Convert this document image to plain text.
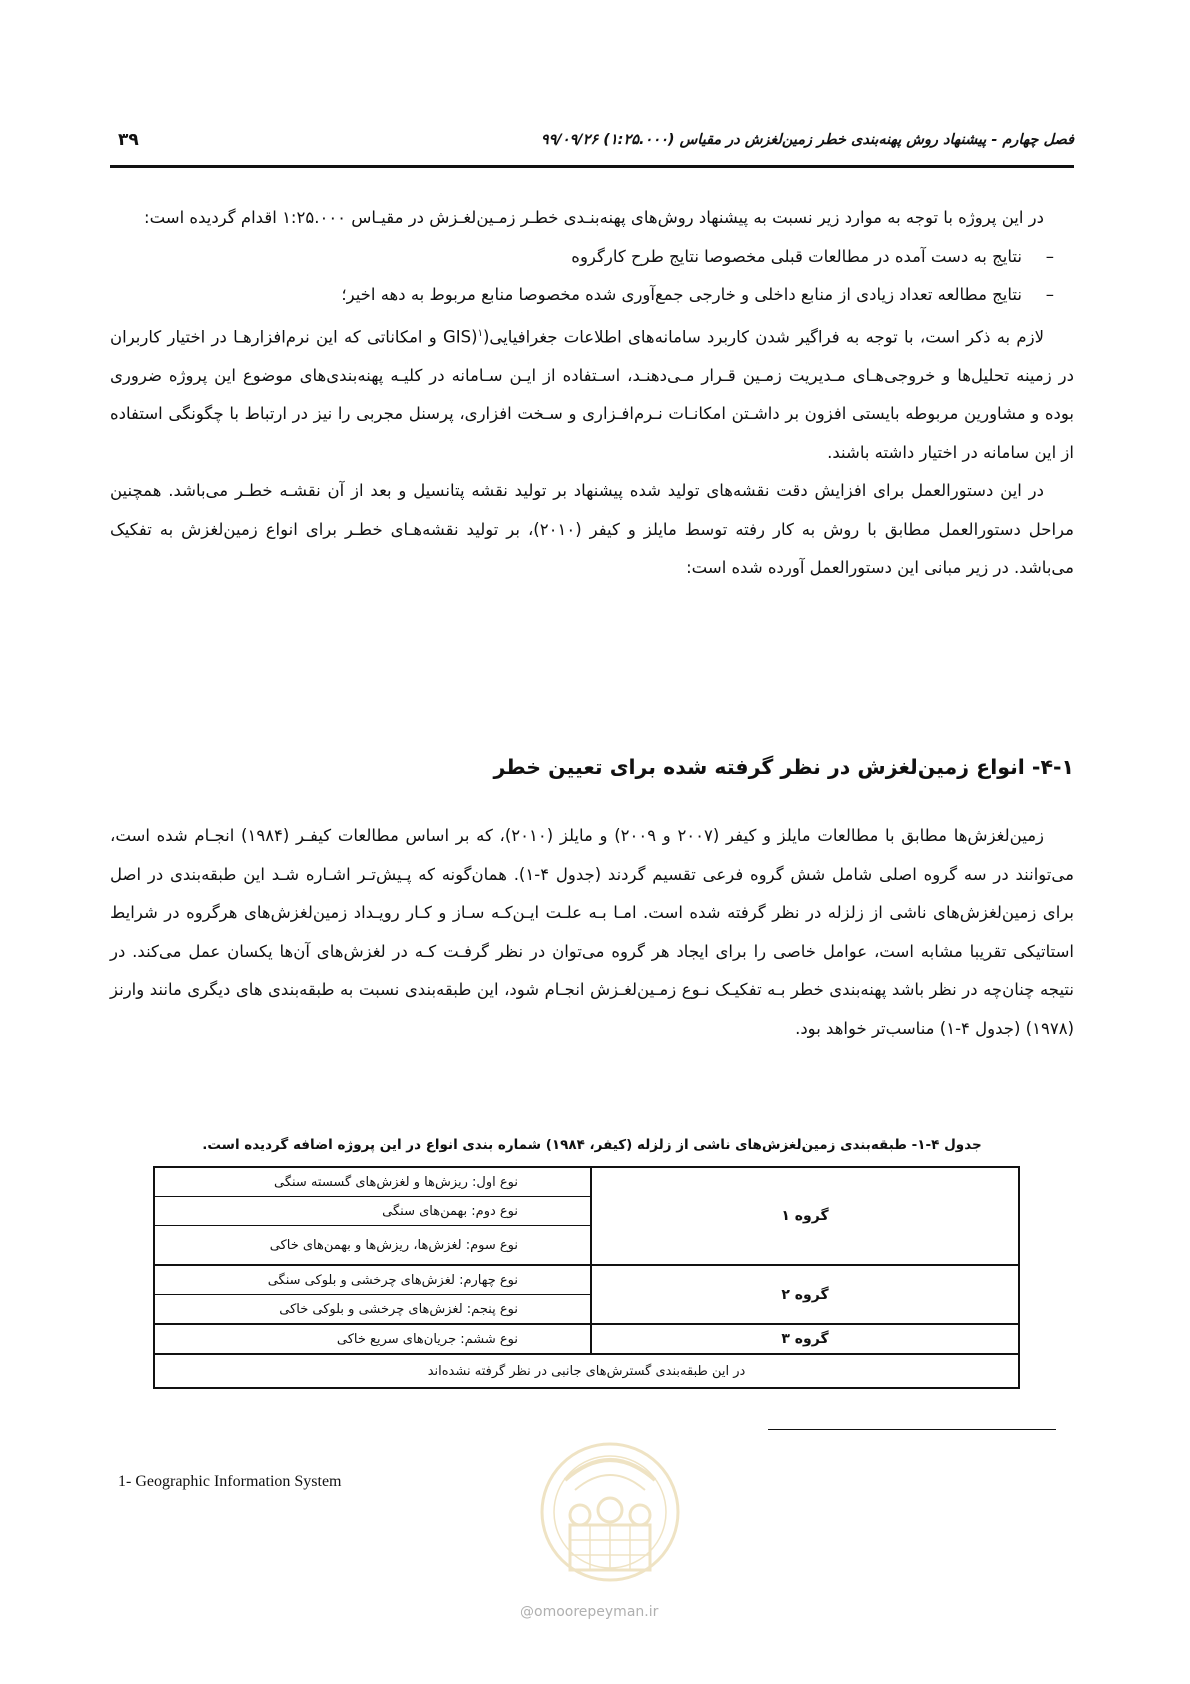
فصل چهارم - پیشنهاد روش پهنه‌بندی خطر زمین‌لغزش در مقیاس (۱:۲۵.۰۰۰) ۹۹/۰۹/۲۶
۳۹

در این پروژه با توجه به موارد زیر نسبت به پیشنهاد روش‌های پهنه‌بنـدی خطـر زمـین‌لغـزش در مقیـاس ۱:۲۵.۰۰۰ اقدام گردیده است:

–
نتایج به دست آمده در مطالعات قبلی مخصوصا نتایج طرح کارگروه
–
نتایج مطالعه تعداد زیادی از منابع داخلی و خارجی جمع‌آوری شده مخصوصا منابع مربوط به دهه اخیر؛

لازم به ذکر است، با توجه به فراگیر شدن کاربرد سامانه‌های اطلاعات جغرافیایی(GIS)$^۱$ و امکاناتی که این نرم‌افزارهـا در اختیار کاربران در زمینه تحلیل‌ها و خروجی‌هـای مـدیریت زمـین قـرار مـی‌دهنـد، اسـتفاده از ایـن سـامانه در کلیـه پهنه‌بندی‌های موضوع این پروژه ضروری بوده و مشاورین مربوطه بایستی افزون بر داشـتن امکانـات نـرم‌افـزاری و سـخت افزاری، پرسنل مجربی را نیز در ارتباط با چگونگی استفاده از این سامانه در اختیار داشته باشند.

در این دستورالعمل برای افزایش دقت نقشه‌های تولید شده پیشنهاد بر تولید نقشه پتانسیل و بعد از آن نقشـه خطـر می‌باشد. همچنین مراحل دستورالعمل مطابق با روش به کار رفته توسط مایلز و کیفر (۲۰۱۰)، بر تولید نقشه‌هـای خطـر برای انواع زمین‌لغزش به تفکیک می‌باشد. در زیر مبانی این دستورالعمل آورده شده است:

۴-۱- انواع زمین‌لغزش در نظر گرفته شده برای تعیین خطر

زمین‌لغزش‌ها مطابق با مطالعات مایلز و کیفر (۲۰۰۷ و ۲۰۰۹) و مایلز (۲۰۱۰)، که بر اساس مطالعات کیفـر (۱۹۸۴) انجـام شده است، می‌توانند در سه گروه اصلی شامل شش گروه فرعی تقسیم گردند (جدول ۴-۱). همان‌گونه که پـیش‌تـر اشـاره شـد این طبقه‌بندی در اصل برای زمین‌لغزش‌های ناشی از زلزله در نظر گرفته شده است. امـا بـه علـت ایـن‌کـه سـاز و کـار رویـداد زمین‌لغزش‌های هرگروه در شرایط استاتیکی تقریبا مشابه است، عوامل خاصی را برای ایجاد هر گروه می‌توان در نظر گرفـت کـه در لغزش‌های آن‌ها یکسان عمل می‌کند. در نتیجه چنان‌چه در نظر باشد پهنه‌بندی خطر بـه تفکیـک نـوع زمـین‌لغـزش انجـام شود، این طبقه‌بندی نسبت به طبقه‌بندی های دیگری مانند وارنز (۱۹۷۸) (جدول ۴-۱) مناسب‌تر خواهد بود.

جدول ۴-۱- طبقه‌بندی زمین‌لغزش‌های ناشی از زلزله (کیفر، ۱۹۸۴) شماره بندی انواع در این پروژه اضافه گردیده است.
گروه ۱	نوع اول: ریزش‌ها و لغزش‌های گسسته سنگی
	نوع دوم: بهمن‌های سنگی
	نوع سوم: لغزش‌ها، ریزش‌ها و بهمن‌های خاکی
گروه ۲	نوع چهارم: لغزش‌های چرخشی و بلوکی سنگی
	نوع پنجم: لغزش‌های چرخشی و بلوکی خاکی
گروه ۳	نوع ششم: جریان‌های سریع خاکی
در این طبقه‌بندی گسترش‌های جانبی در نظر گرفته نشده‌اند	
1- Geographic Information System
@omoorepeyman.ir
